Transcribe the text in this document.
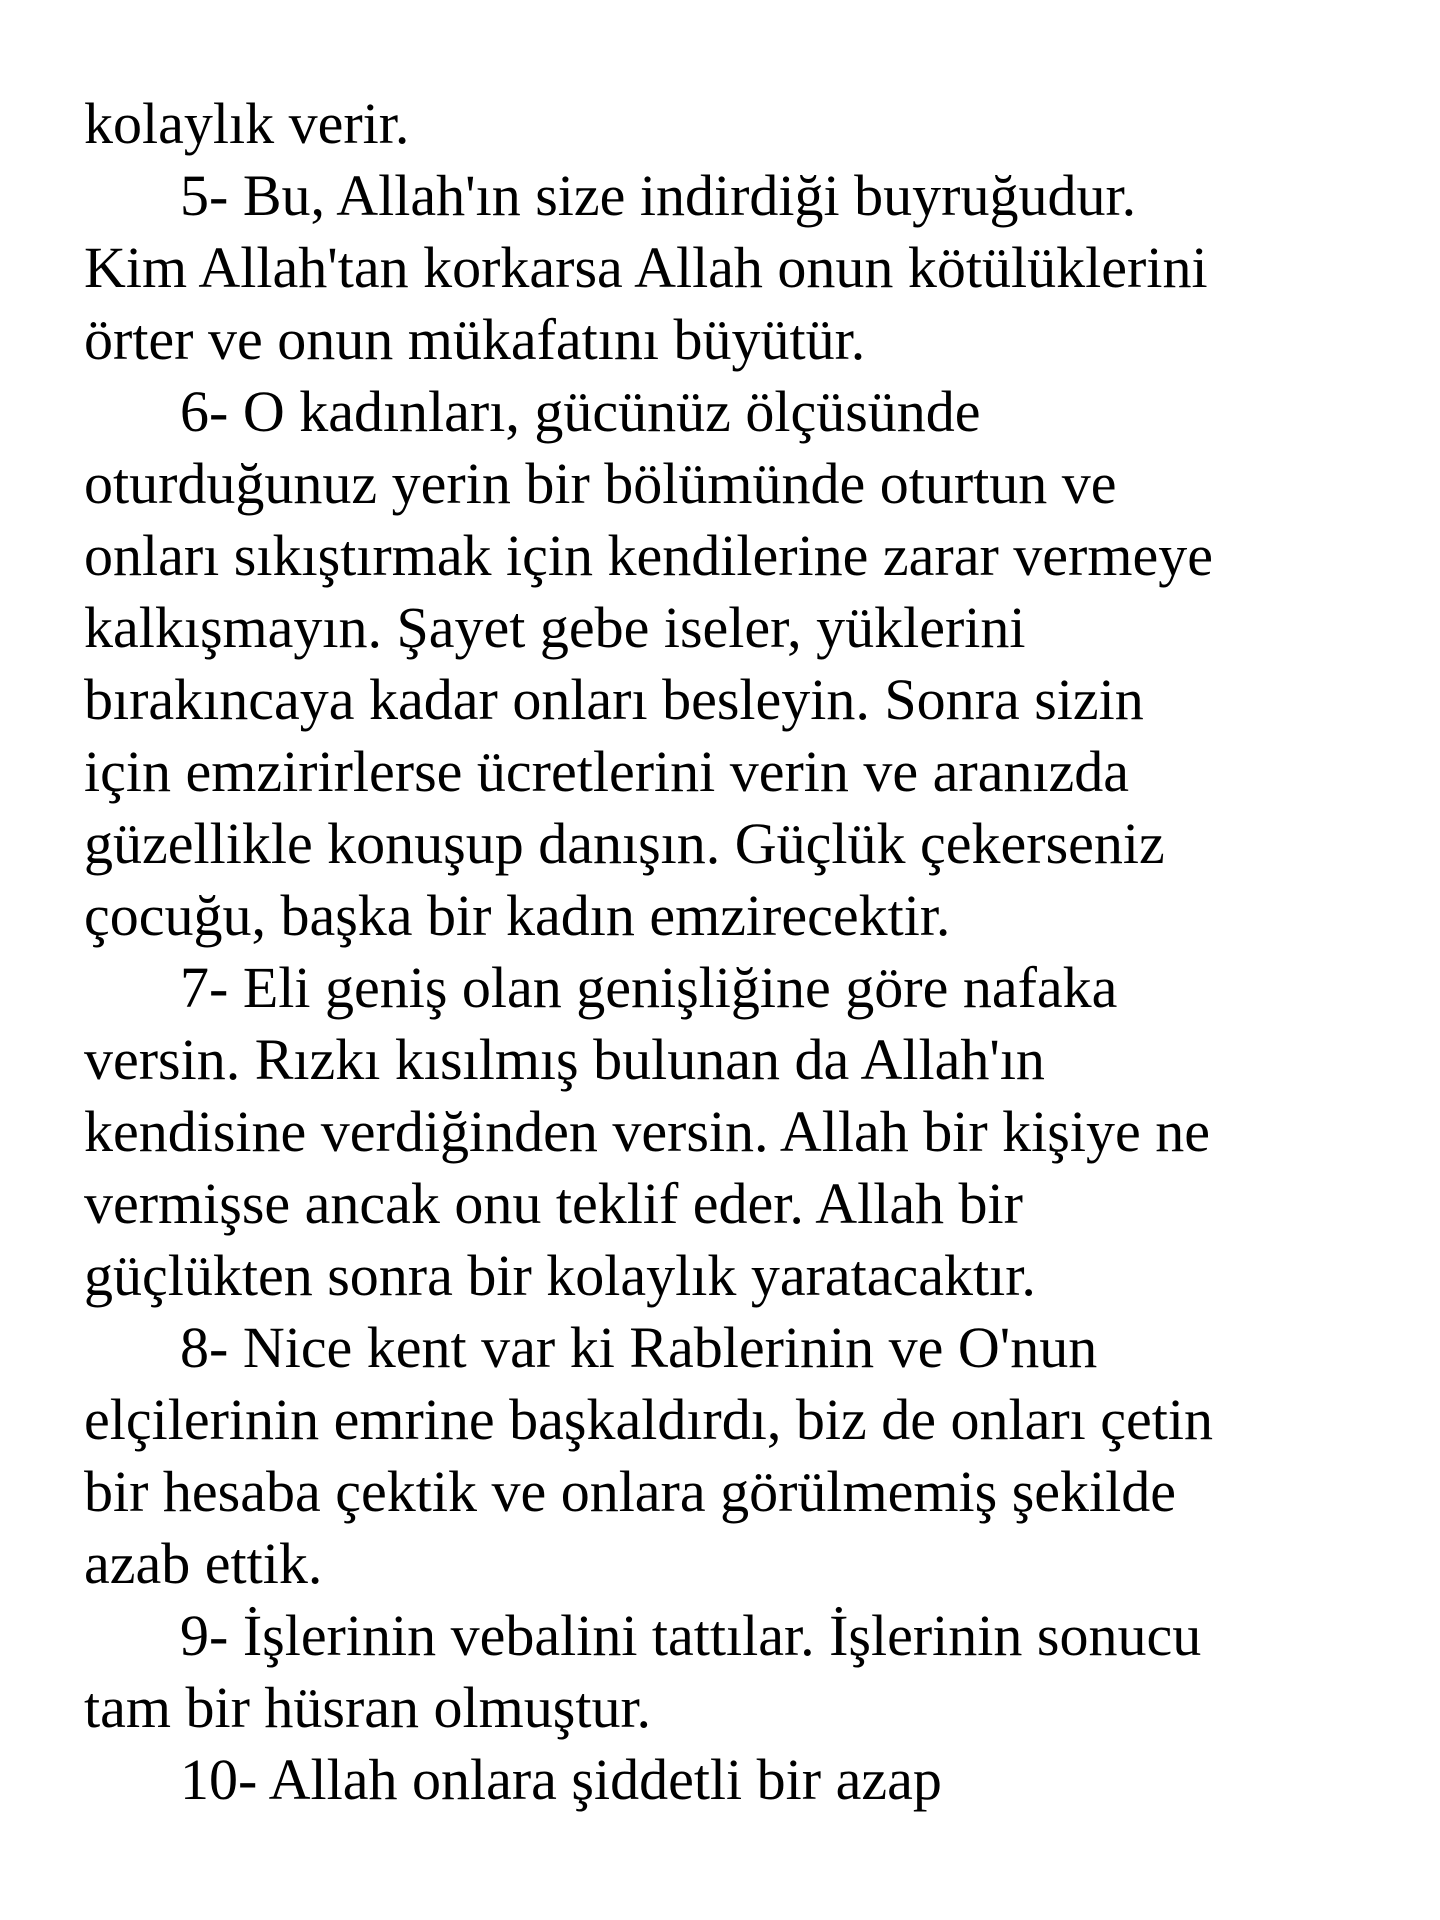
kolaylık verir.
5- Bu, Allah'ın size indirdiği buyruğudur.
Kim Allah'tan korkarsa Allah onun kötülüklerini
örter ve onun mükafatını büyütür.
6- O kadınları, gücünüz ölçüsünde
oturduğunuz yerin bir bölümünde oturtun ve
onları sıkıştırmak için kendilerine zarar vermeye
kalkışmayın. Şayet gebe iseler, yüklerini
bırakıncaya kadar onları besleyin. Sonra sizin
için emzirirlerse ücretlerini verin ve aranızda
güzellikle konuşup danışın. Güçlük çekerseniz
çocuğu, başka bir kadın emzirecektir.
7- Eli geniş olan genişliğine göre nafaka
versin. Rızkı kısılmış bulunan da Allah'ın
kendisine verdiğinden versin. Allah bir kişiye ne
vermişse ancak onu teklif eder. Allah bir
güçlükten sonra bir kolaylık yaratacaktır.
8- Nice kent var ki Rablerinin ve O'nun
elçilerinin emrine başkaldırdı, biz de onları çetin
bir hesaba çektik ve onlara görülmemiş şekilde
azab ettik.
9- İşlerinin vebalini tattılar. İşlerinin sonucu
tam bir hüsran olmuştur.
10- Allah onlara şiddetli bir azap
